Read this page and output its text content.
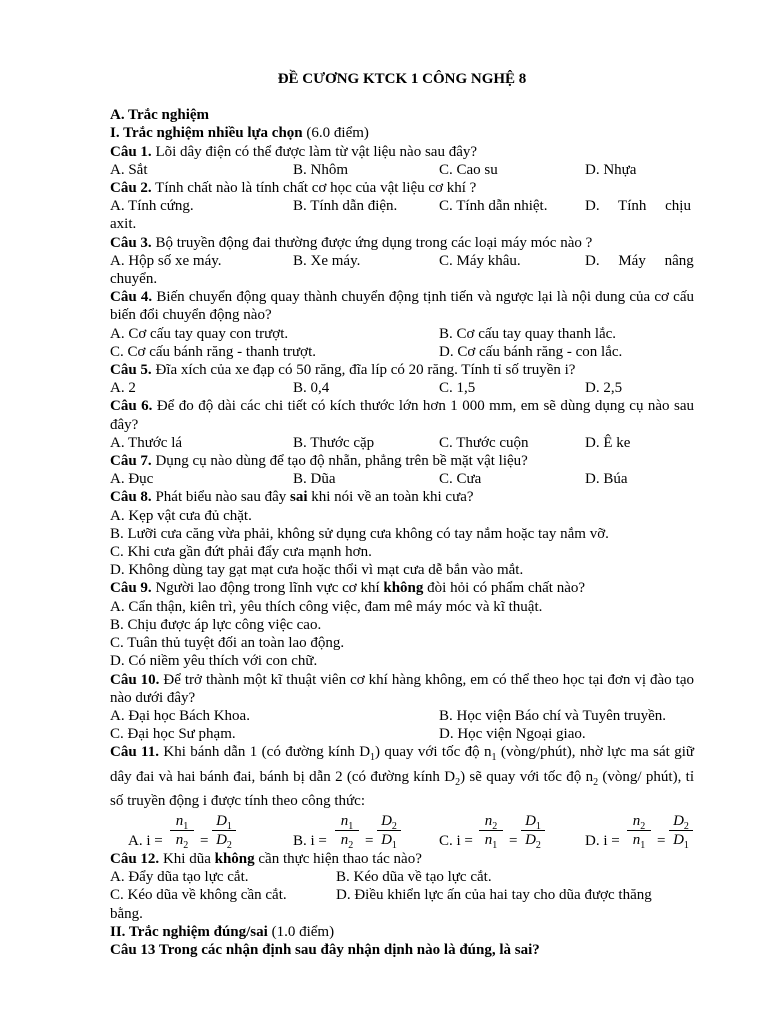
ĐỀ CƯƠNG KTCK 1 CÔNG NGHỆ 8
A. Trắc nghiệm
I. Trắc nghiệm nhiều lựa chọn (6.0 điểm)
Câu 1. Lõi dây điện có thể được làm từ vật liệu nào sau đây?
A. Sắt	B. Nhôm	C. Cao su	D. Nhựa
Câu 2. Tính chất nào là tính chất cơ học của vật liệu cơ khí ?
A. Tính cứng.	B. Tính dẫn điện.	C. Tính dẫn nhiệt.	D.     Tính     chịu
axit.
Câu 3. Bộ truyền động đai thường được ứng dụng trong các loại máy móc nào ?
A. Hộp số xe máy.	B. Xe máy.	C. Máy khâu.	D.     Máy     nâng
chuyển.
Câu 4. Biến chuyển động quay thành chuyển động tịnh tiến và ngược lại là nội dung của cơ cấu biến đổi chuyển động nào?
A. Cơ cấu tay quay con trượt.	B. Cơ cấu tay quay thanh lắc.
C. Cơ cấu bánh răng - thanh trượt.	D. Cơ cấu bánh răng - con lắc.
Câu 5. Đĩa xích của xe đạp có 50 răng, đĩa líp có 20 răng. Tính tỉ số truyền i?
A. 2	B. 0,4	C. 1,5	D. 2,5
Câu 6. Để đo độ dài các chi tiết có kích thước lớn hơn 1 000 mm, em sẽ dùng dụng cụ nào sau đây?
A. Thước lá	B. Thước cặp	C. Thước cuộn	D. Ê ke
Câu 7. Dụng cụ nào dùng để tạo độ nhẵn, phẳng trên bề mặt vật liệu?
A. Đục	B. Dũa	C. Cưa	D. Búa
Câu 8. Phát biểu nào sau đây sai khi nói về an toàn khi cưa?
A. Kẹp vật cưa đủ chặt.
B. Lưỡi cưa căng vừa phải, không sử dụng cưa không có tay nắm hoặc tay nắm vỡ.
C. Khi cưa gần đứt phải đẩy cưa mạnh hơn.
D. Không dùng tay gạt mạt cưa hoặc thổi vì mạt cưa dễ bắn vào mắt.
Câu 9. Người lao động trong lĩnh vực cơ khí không đòi hỏi có phẩm chất nào?
A. Cẩn thận, kiên trì, yêu thích công việc, đam mê máy móc và kĩ thuật.
B. Chịu được áp lực công việc cao.
C. Tuân thủ tuyệt đối an toàn lao động.
D. Có niềm yêu thích với con chữ.
Câu 10. Để trở thành một kĩ thuật viên cơ khí hàng không, em có thể theo học tại đơn vị đào tạo nào dưới đây?
A. Đại học Bách Khoa.	B. Học viện Báo chí và Tuyên truyền.
C. Đại học Sư phạm.	D. Học viện Ngoại giao.
Câu 11. Khi bánh dẫn 1 (có đường kính $D_1$) quay với tốc độ $n_1$ (vòng/phút), nhờ lực ma sát giữ dây đai và hai bánh đai, bánh bị dẫn 2 (có đường kính $D_2$) sẽ quay với tốc độ $n_2$ (vòng/ phút), tỉ số truyền động i được tính theo công thức:
A. $i = \frac{n_1}{n_2} = \frac{D_1}{D_2}$	B. $i = \frac{n_1}{n_2} = \frac{D_2}{D_1}$	C. $i = \frac{n_2}{n_1} = \frac{D_1}{D_2}$	D. $i = \frac{n_2}{n_1} = \frac{D_2}{D_1}$
Câu 12. Khi dũa không cần thực hiện thao tác nào?
A. Đẩy dũa tạo lực cắt.	B. Kéo dũa về tạo lực cắt.
C. Kéo dũa về không cần cắt.	D. Điều khiển lực ấn của hai tay cho dũa được thăng
bằng.
II. Trắc nghiệm đúng/sai (1.0 điểm)
Câu 13 Trong các nhận định sau đây nhận dịnh nào là đúng, là sai?
